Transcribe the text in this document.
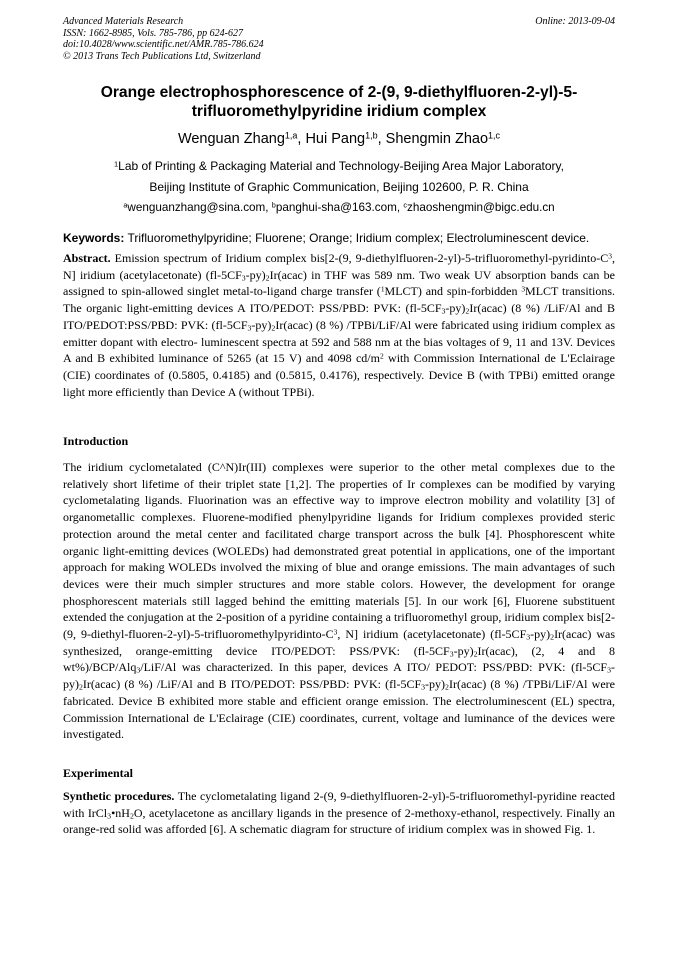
Advanced Materials Research
ISSN: 1662-8985, Vols. 785-786, pp 624-627
doi:10.4028/www.scientific.net/AMR.785-786.624
© 2013 Trans Tech Publications Ltd, Switzerland
Online: 2013-09-04
Orange electrophosphorescence of 2-(9, 9-diethylfluoren-2-yl)-5-
trifluoromethylpyridine iridium complex
Wenguan Zhang$^{1,a}$, Hui Pang$^{1,b}$, Shengmin Zhao$^{1,c}$
$^1$Lab of Printing & Packaging Material and Technology-Beijing Area Major Laboratory,
Beijing Institute of Graphic Communication, Beijing 102600, P. R. China
$^a$wenguanzhang@sina.com, $^b$panghui-sha@163.com, $^c$zhaoshengmin@bigc.edu.cn
Keywords: Trifluoromethylpyridine; Fluorene; Orange; Iridium complex; Electroluminescent device.

Abstract. Emission spectrum of Iridium complex bis[2-(9, $9-diethylfluoren-2-yl)-5-trifluoromethyl-pyridinto-C^3$, N] iridium (acetylacetonate) $(fl-5CF_3-py)_2Ir(acac)$ in THF was 589 nm. Two weak UV absorption bands can be assigned to spin-allowed singlet metal-to-ligand charge transfer ($^1$MLCT) and spin-forbidden $^3$MLCT transitions. The organic light-emitting devices A ITO/PEDOT: PSS/PBD: PVK: $(fl-5CF_3-py)_2Ir(acac)$ (8 %) /LiF/Al and B ITO/PEDOT:PSS/PBD: PVK: $(fl-5CF_3-py)_2Ir(acac)$ (8 %) /TPBi/LiF/Al were fabricated using iridium complex as emitter dopant with electro- luminescent spectra at 592 and 588 nm at the bias voltages of 9, 11 and 13V. Devices A and B exhibited luminance of 5265 (at 15 V) and 4098 $cd/m^2$ with Commission International de L'Eclairage (CIE) coordinates of (0.5805, 0.4185) and (0.5815, 0.4176), respectively. Device B (with TPBi) emitted orange light more efficiently than Device A (without TPBi).

Introduction

The iridium cyclometalated (C^N)Ir(III) complexes were superior to the other metal complexes due to the relatively short lifetime of their triplet state [1,2]. The properties of Ir complexes can be modified by varying cyclometalating ligands. Fluorination was an effective way to improve electron mobility and volatility [3] of organometallic complexes. Fluorene-modified phenylpyridine ligands for Iridium complexes provided steric protection around the metal center and facilitated charge transport across the bulk [4]. Phosphorescent white organic light-emitting devices (WOLEDs) had demonstrated great potential in applications, one of the important approach for making WOLEDs involved the mixing of blue and orange emissions. The main advantages of such devices were their much simpler structures and more stable colors. However, the development for orange phosphorescent materials still lagged behind the emitting materials [5]. In our work [6], Fluorene substituent extended the conjugation at the 2-position of a pyridine containing a trifluoromethyl group, iridium complex bis[2-(9, $9-diethyl-fluoren-2-yl)-5-trifluoromethylpyridinto-C^3$, N] iridium (acetylacetonate) $(fl-5CF_3-py)_2Ir(acac)$ was synthesized, orange-emitting device ITO/PEDOT: PSS/PVK: $(fl-5CF_3-py)_2Ir(acac)$, (2, 4 and 8 wt%)/BCP/Alq$_3$/LiF/Al was characterized. In this paper, devices A ITO/ PEDOT: PSS/PBD: PVK: $(fl-5CF_3-py)_2Ir(acac)$ (8 %) /LiF/Al and B ITO/PEDOT: PSS/PBD: PVK: $(fl-5CF_3-py)_2Ir(acac)$ (8 %) /TPBi/LiF/Al were fabricated. Device B exhibited more stable and efficient orange emission. The electroluminescent (EL) spectra, Commission International de L'Eclairage (CIE) coordinates, current, voltage and luminance of the devices were investigated.

Experimental

Synthetic procedures. The cyclometalating ligand 2-(9, 9-diethylfluoren-2-yl)-5-trifluoromethyl-pyridine reacted with $IrCl_3•nH_2O$, acetylacetone as ancillary ligands in the presence of 2-methoxy-ethanol, respectively. Finally an orange-red solid was afforded [6]. A schematic diagram for structure of iridium complex was in showed Fig. 1.
